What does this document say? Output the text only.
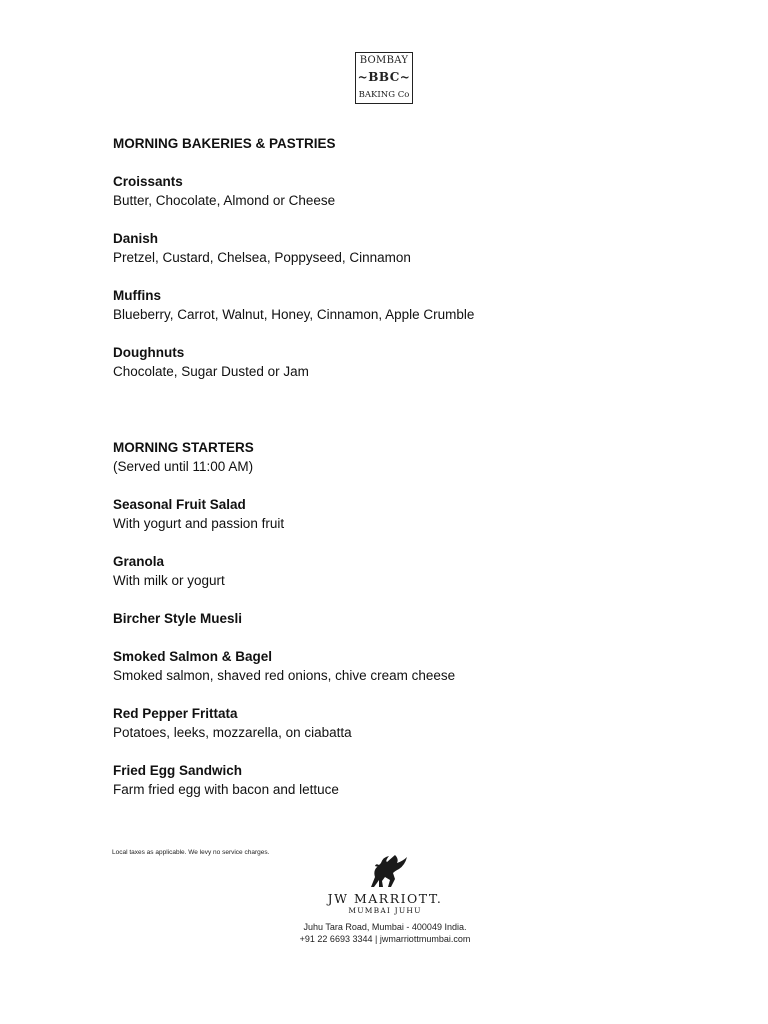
BOMBAY
~BBC~
BAKING Co

MORNING BAKERIES & PASTRIES

Croissants

Butter, Chocolate, Almond or Cheese

Danish

Pretzel, Custard, Chelsea, Poppyseed, Cinnamon

Muffins

Blueberry, Carrot, Walnut, Honey, Cinnamon, Apple Crumble

Doughnuts

Chocolate, Sugar Dusted or Jam

MORNING STARTERS

(Served until 11:00 AM)

Seasonal Fruit Salad

With yogurt and passion fruit

Granola

With milk or yogurt

Bircher Style Muesli

Smoked Salmon & Bagel

Smoked salmon, shaved red onions, chive cream cheese

Red Pepper Frittata

Potatoes, leeks, mozzarella, on ciabatta

Fried Egg Sandwich

Farm fried egg with bacon and lettuce

Local taxes as applicable. We levy no service charges.
JW MARRIOTT.
MUMBAI JUHU
Juhu Tara Road, Mumbai - 400049 India.
+91 22 6693 3344 | jwmarriottmumbai.com
